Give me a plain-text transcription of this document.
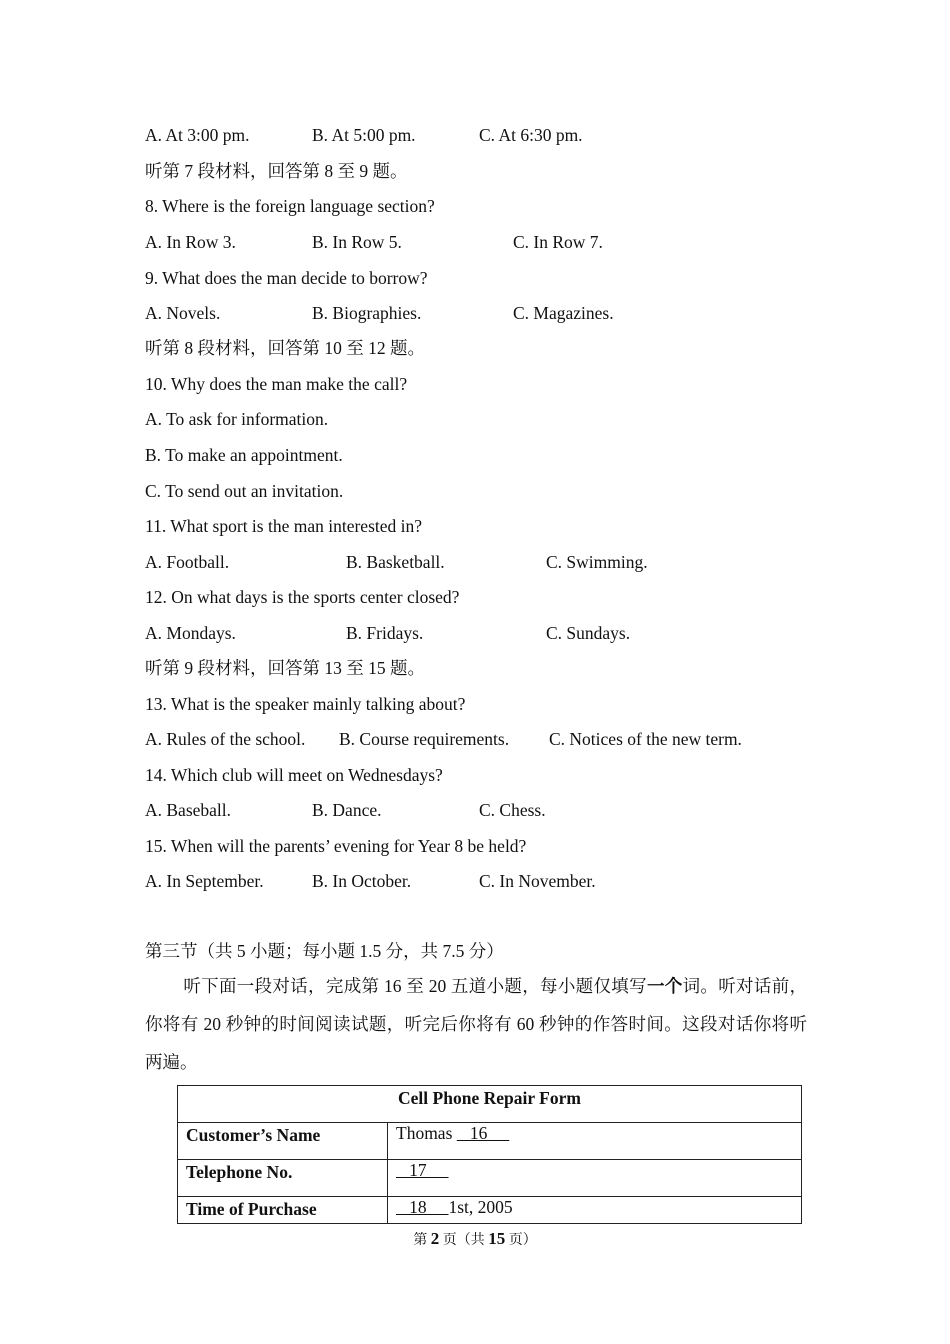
A. At 3:00 pm.	B. At 5:00 pm.	C. At 6:30 pm.
听第 7 段材料，回答第 8 至 9 题。
8. Where is the foreign language section?
A. In Row 3.	B. In Row 5.	C. In Row 7.
9. What does the man decide to borrow?
A. Novels.	B. Biographies.	C. Magazines.
听第 8 段材料，回答第 10 至 12 题。
10. Why does the man make the call?
A. To ask for information.
B. To make an appointment.
C. To send out an invitation.
11. What sport is the man interested in?
A. Football.	B. Basketball.	C. Swimming.
12. On what days is the sports center closed?
A. Mondays.	B. Fridays.	C. Sundays.
听第 9 段材料，回答第 13 至 15 题。
13. What is the speaker mainly talking about?
A. Rules of the school. B. Course requirements. C. Notices of the new term.
14. Which club will meet on Wednesdays?
A. Baseball.	B. Dance.	C. Chess.
15. When will the parents’ evening for Year 8 be held?
A. In September.	B. In October.	C. In November.
第三节（共 5 小题；每小题 1.5 分，共 7.5 分）
听下面一段对话，完成第 16 至 20 五道小题，每小题仅填写一个词。听对话前，你将有 20 秒钟的时间阅读试题，听完后你将有 60 秒钟的作答时间。这段对话你将听两遍。
Cell Phone Repair Form	
Customer’s Name	Thomas    16
Telephone No.	17
Time of Purchase	18     1st, 2005
第 2 页（共 15 页）
